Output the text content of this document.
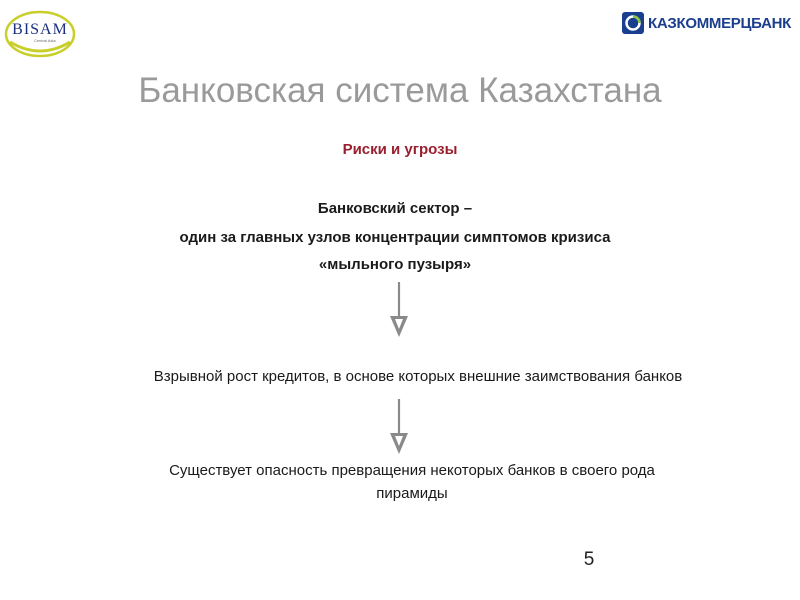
BISAM
Central Asia
КАЗКОММЕРЦБАНК
Банковская система Казахстана
Риски и угрозы
Банковский сектор –
один за главных узлов концентрации симптомов кризиса
«мыльного пузыря»
Взрывной рост кредитов, в основе которых внешние заимствования банков
Существует опасность превращения некоторых банков в своего рода
пирамиды
5
